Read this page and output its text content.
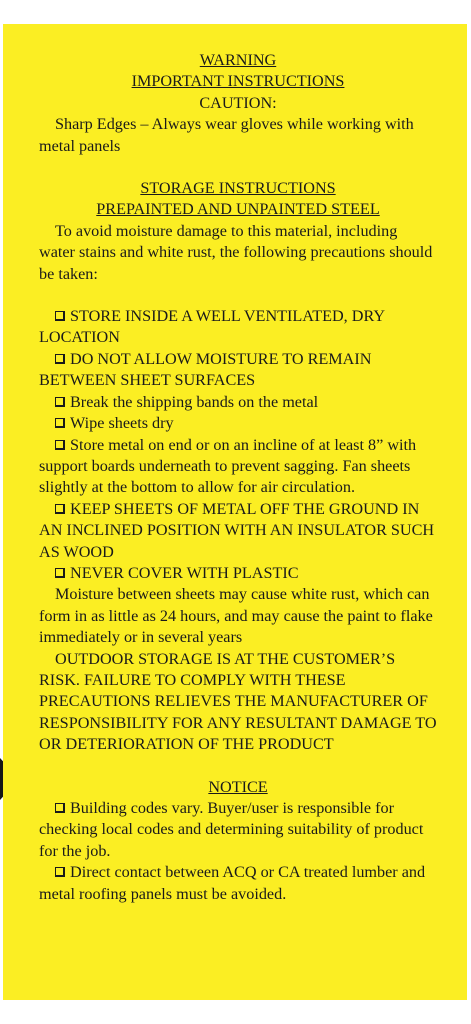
WARNING

IMPORTANT INSTRUCTIONS

CAUTION:

Sharp Edges – Always wear gloves while working with metal panels

STORAGE INSTRUCTIONS

PREPAINTED AND UNPAINTED STEEL

To avoid moisture damage to this material, including water stains and white rust, the following precautions should be taken:

STORE INSIDE A WELL VENTILATED, DRY LOCATION

DO NOT ALLOW MOISTURE TO REMAIN BETWEEN SHEET SURFACES

Break the shipping bands on the metal

Wipe sheets dry

Store metal on end or on an incline of at least 8” with support boards underneath to prevent sagging. Fan sheets slightly at the bottom to allow for air circulation.

KEEP SHEETS OF METAL OFF THE GROUND IN AN INCLINED POSITION WITH AN INSULATOR SUCH AS WOOD

NEVER COVER WITH PLASTIC

Moisture between sheets may cause white rust, which can form in as little as 24 hours, and may cause the paint to flake immediately or in several years

OUTDOOR STORAGE IS AT THE CUSTOMER’S RISK. FAILURE TO COMPLY WITH THESE PRECAUTIONS RELIEVES THE MANUFACTURER OF RESPONSIBILITY FOR ANY RESULTANT DAMAGE TO OR DETERIORATION OF THE PRODUCT

NOTICE

Building codes vary. Buyer/user is responsible for checking local codes and determining suitability of product for the job.

Direct contact between ACQ or CA treated lumber and metal roofing panels must be avoided.
